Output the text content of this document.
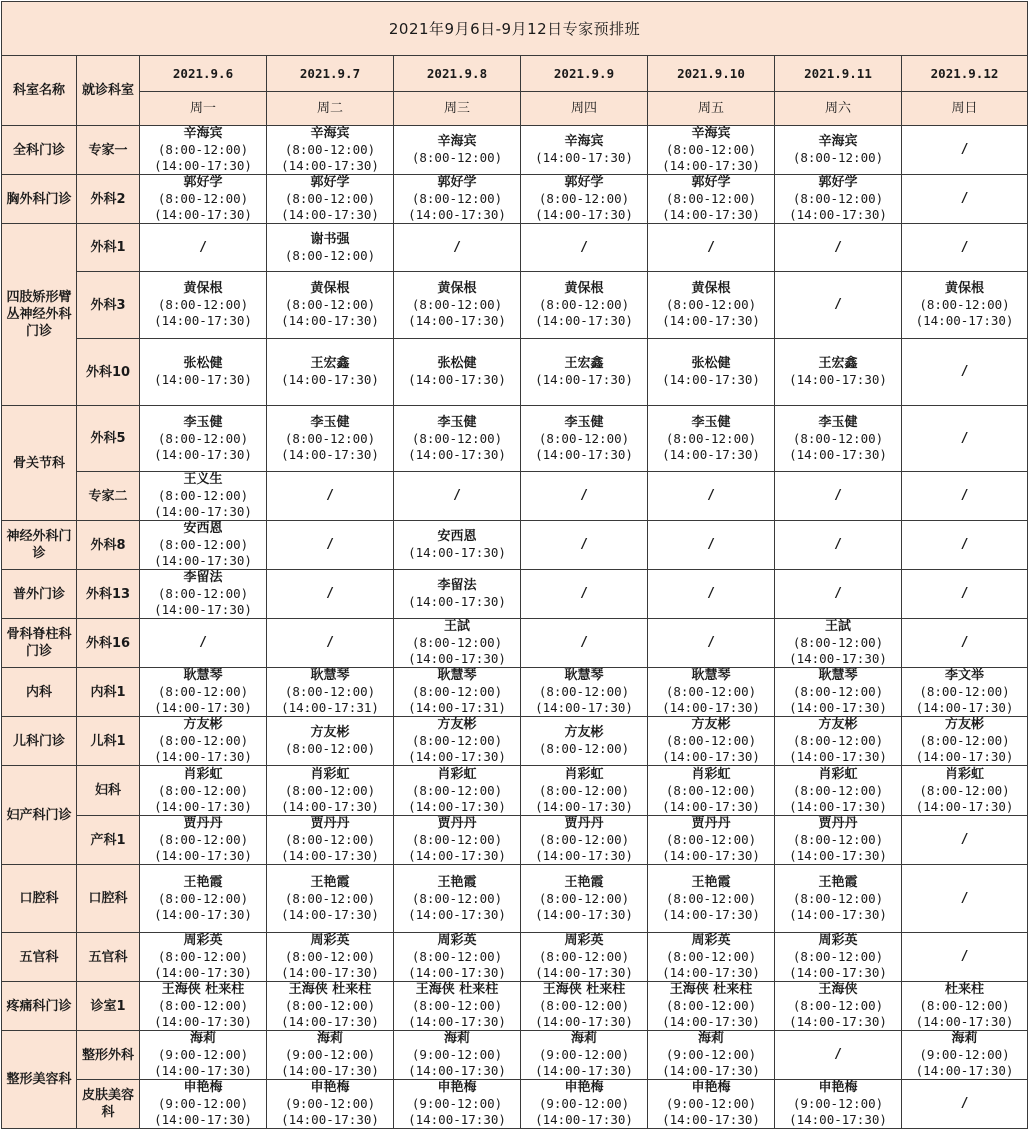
2021年9月6日-9月12日专家预排班								
科室名称	就诊科室	2021.9.6	2021.9.7	2021.9.8	2021.9.9	2021.9.10	2021.9.11	2021.9.12
		周一	周二	周三	周四	周五	周六	周日
全科门诊	专家一	辛海宾
(8:00-12:00)
(14:00-17:30)	辛海宾
(8:00-12:00)
(14:00-17:30)	辛海宾
(8:00-12:00)	辛海宾
(14:00-17:30)	辛海宾
(8:00-12:00)
(14:00-17:30)	辛海宾
(8:00-12:00)	/

胸外科门诊	外科2	郭好学
(8:00-12:00)
(14:00-17:30)	郭好学
(8:00-12:00)
(14:00-17:30)	郭好学
(8:00-12:00)
(14:00-17:30)	郭好学
(8:00-12:00)
(14:00-17:30)	郭好学
(8:00-12:00)
(14:00-17:30)	郭好学
(8:00-12:00)
(14:00-17:30)	/

四肢矫形臂丛神经外科门诊	外科1	/	谢书强
(8:00-12:00)	/	/	/	/	/

	外科3	黄保根
(8:00-12:00)
(14:00-17:30)	黄保根
(8:00-12:00)
(14:00-17:30)	黄保根
(8:00-12:00)
(14:00-17:30)	黄保根
(8:00-12:00)
(14:00-17:30)	黄保根
(8:00-12:00)
(14:00-17:30)	/	黄保根
(8:00-12:00)
(14:00-17:30)

	外科10	张松健
(14:00-17:30)	王宏鑫
(14:00-17:30)	张松健
(14:00-17:30)	王宏鑫
(14:00-17:30)	张松健
(14:00-17:30)	王宏鑫
(14:00-17:30)	/

骨关节科	外科5	李玉健
(8:00-12:00)
(14:00-17:30)	李玉健
(8:00-12:00)
(14:00-17:30)	李玉健
(8:00-12:00)
(14:00-17:30)	李玉健
(8:00-12:00)
(14:00-17:30)	李玉健
(8:00-12:00)
(14:00-17:30)	李玉健
(8:00-12:00)
(14:00-17:30)	/

	专家二	王义生
(8:00-12:00)
(14:00-17:30)	/	/	/	/	/	/

神经外科门诊	外科8	安西恩
(8:00-12:00)
(14:00-17:30)	/	安西恩
(14:00-17:30)	/	/	/	/

普外门诊	外科13	李留法
(8:00-12:00)
(14:00-17:30)	/	李留法
(14:00-17:30)	/	/	/	/

骨科脊柱科门诊	外科16	/	/	王試
(8:00-12:00)
(14:00-17:30)	/	/	王試
(8:00-12:00)
(14:00-17:30)	/

内科	内科1	耿慧琴
(8:00-12:00)
(14:00-17:30)	耿慧琴
(8:00-12:00)
(14:00-17:31)	耿慧琴
(8:00-12:00)
(14:00-17:31)	耿慧琴
(8:00-12:00)
(14:00-17:30)	耿慧琴
(8:00-12:00)
(14:00-17:30)	耿慧琴
(8:00-12:00)
(14:00-17:30)	李文举
(8:00-12:00)
(14:00-17:30)

儿科门诊	儿科1	方友彬
(8:00-12:00)
(14:00-17:30)	方友彬
(8:00-12:00)	方友彬
(8:00-12:00)
(14:00-17:30)	方友彬
(8:00-12:00)	方友彬
(8:00-12:00)
(14:00-17:30)	方友彬
(8:00-12:00)
(14:00-17:30)	方友彬
(8:00-12:00)
(14:00-17:30)

妇产科门诊	妇科	肖彩虹
(8:00-12:00)
(14:00-17:30)	肖彩虹
(8:00-12:00)
(14:00-17:30)	肖彩虹
(8:00-12:00)
(14:00-17:30)	肖彩虹
(8:00-12:00)
(14:00-17:30)	肖彩虹
(8:00-12:00)
(14:00-17:30)	肖彩虹
(8:00-12:00)
(14:00-17:30)	肖彩虹
(8:00-12:00)
(14:00-17:30)

	产科1	贾丹丹
(8:00-12:00)
(14:00-17:30)	贾丹丹
(8:00-12:00)
(14:00-17:30)	贾丹丹
(8:00-12:00)
(14:00-17:30)	贾丹丹
(8:00-12:00)
(14:00-17:30)	贾丹丹
(8:00-12:00)
(14:00-17:30)	贾丹丹
(8:00-12:00)
(14:00-17:30)	/

口腔科	口腔科	王艳霞
(8:00-12:00)
(14:00-17:30)	王艳霞
(8:00-12:00)
(14:00-17:30)	王艳霞
(8:00-12:00)
(14:00-17:30)	王艳霞
(8:00-12:00)
(14:00-17:30)	王艳霞
(8:00-12:00)
(14:00-17:30)	王艳霞
(8:00-12:00)
(14:00-17:30)	/

五官科	五官科	周彩英
(8:00-12:00)
(14:00-17:30)	周彩英
(8:00-12:00)
(14:00-17:30)	周彩英
(8:00-12:00)
(14:00-17:30)	周彩英
(8:00-12:00)
(14:00-17:30)	周彩英
(8:00-12:00)
(14:00-17:30)	周彩英
(8:00-12:00)
(14:00-17:30)	/

疼痛科门诊	诊室1	王海侠 杜来柱
(8:00-12:00)
(14:00-17:30)	王海侠 杜来柱
(8:00-12:00)
(14:00-17:30)	王海侠 杜来柱
(8:00-12:00)
(14:00-17:30)	王海侠 杜来柱
(8:00-12:00)
(14:00-17:30)	王海侠 杜来柱
(8:00-12:00)
(14:00-17:30)	王海侠
(8:00-12:00)
(14:00-17:30)	杜来柱
(8:00-12:00)
(14:00-17:30)

整形美容科	整形外科	海莉
(9:00-12:00)
(14:00-17:30)	海莉
(9:00-12:00)
(14:00-17:30)	海莉
(9:00-12:00)
(14:00-17:30)	海莉
(9:00-12:00)
(14:00-17:30)	海莉
(9:00-12:00)
(14:00-17:30)	/	海莉
(9:00-12:00)
(14:00-17:30)

	皮肤美容科	申艳梅
(9:00-12:00)
(14:00-17:30)	申艳梅
(9:00-12:00)
(14:00-17:30)	申艳梅
(9:00-12:00)
(14:00-17:30)	申艳梅
(9:00-12:00)
(14:00-17:30)	申艳梅
(9:00-12:00)
(14:00-17:30)	申艳梅
(9:00-12:00)
(14:00-17:30)	/
